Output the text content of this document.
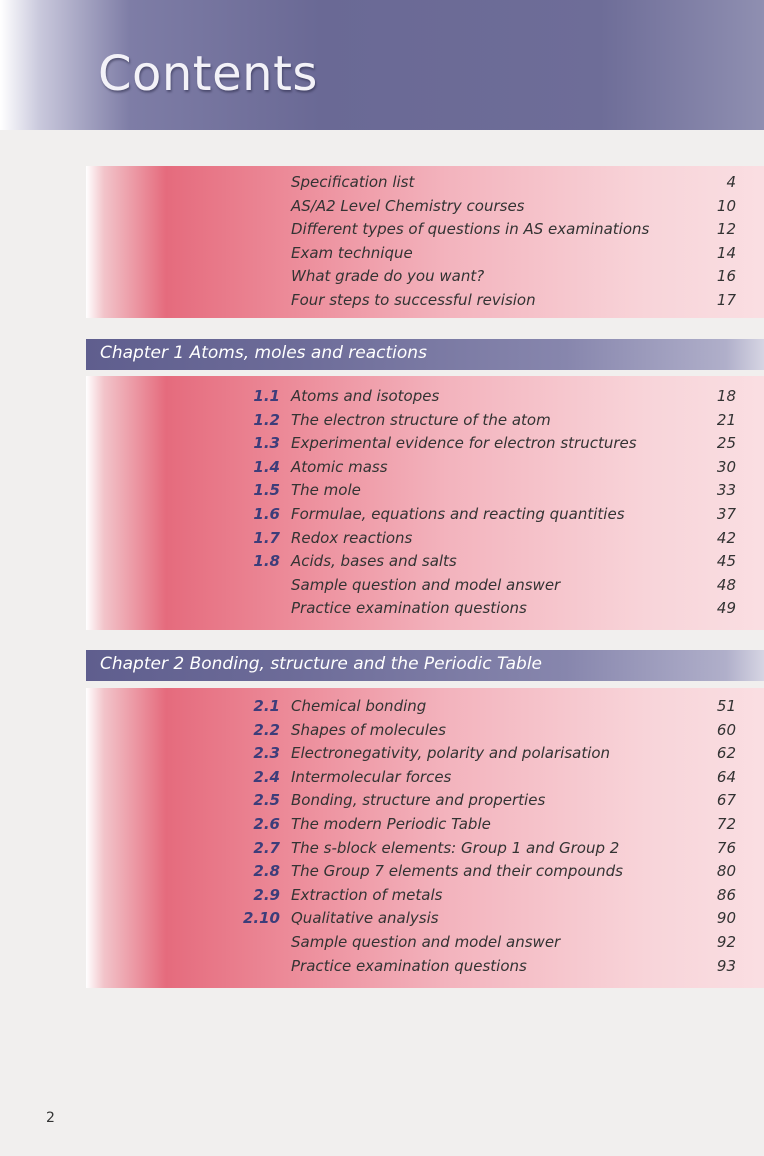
Contents
Specification list	4
AS/A2 Level Chemistry courses	10
Different types of questions in AS examinations	12
Exam technique	14
What grade do you want?	16
Four steps to successful revision	17
Chapter 1 Atoms, moles and reactions
1.1 Atoms and isotopes	18
1.2 The electron structure of the atom	21
1.3 Experimental evidence for electron structures	25
1.4 Atomic mass	30
1.5 The mole	33
1.6 Formulae, equations and reacting quantities	37
1.7 Redox reactions	42
1.8 Acids, bases and salts	45
Sample question and model answer	48
Practice examination questions	49
Chapter 2 Bonding, structure and the Periodic Table
2.1 Chemical bonding	51
2.2 Shapes of molecules	60
2.3 Electronegativity, polarity and polarisation	62
2.4 Intermolecular forces	64
2.5 Bonding, structure and properties	67
2.6 The modern Periodic Table	72
2.7 The s-block elements: Group 1 and Group 2	76
2.8 The Group 7 elements and their compounds	80
2.9 Extraction of metals	86
2.10 Qualitative analysis	90
Sample question and model answer	92
Practice examination questions	93
2
